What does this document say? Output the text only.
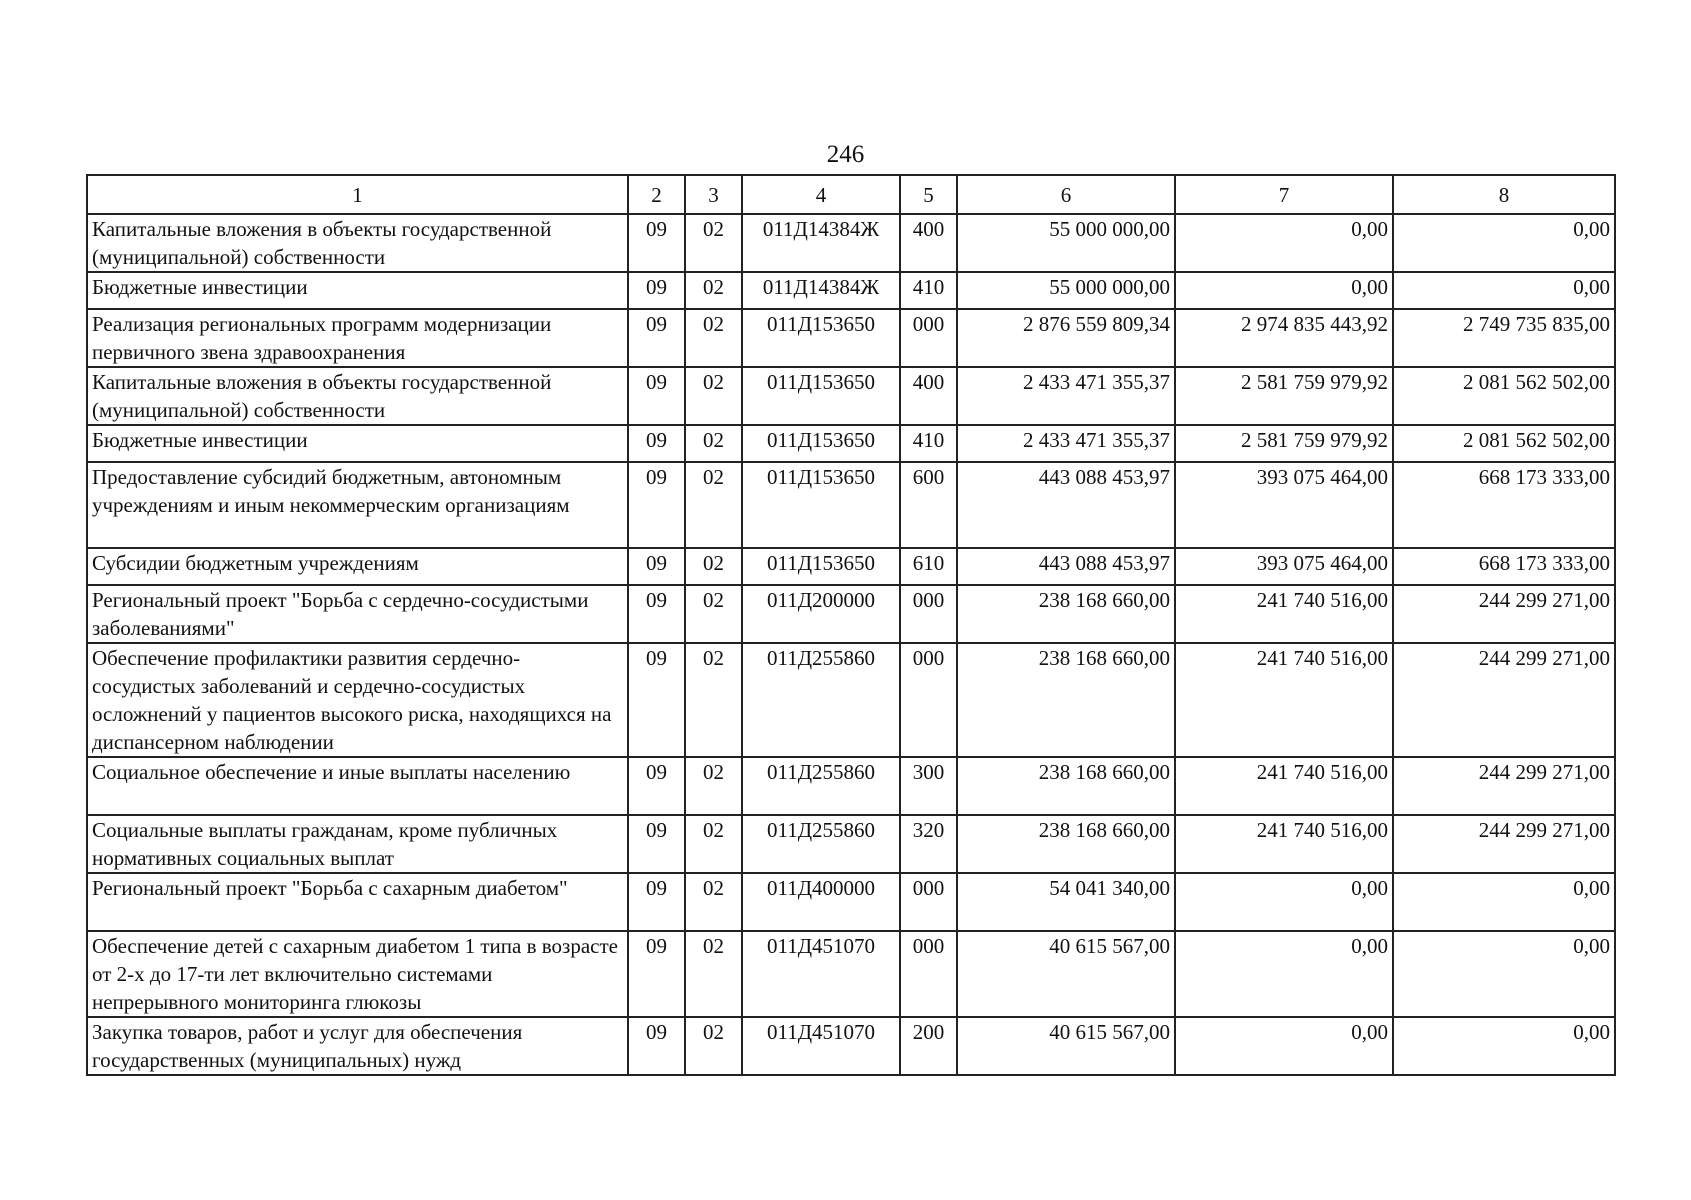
246
1	2	3	4	5	6	7	8
Капитальные вложения в объекты государственной (муниципальной) собственности	09	02	011Д14384Ж	400	55 000 000,00	0,00	0,00
Бюджетные инвестиции	09	02	011Д14384Ж	410	55 000 000,00	0,00	0,00
Реализация региональных программ модернизации первичного звена здравоохранения	09	02	011Д153650	000	2 876 559 809,34	2 974 835 443,92	2 749 735 835,00
Капитальные вложения в объекты государственной (муниципальной) собственности	09	02	011Д153650	400	2 433 471 355,37	2 581 759 979,92	2 081 562 502,00
Бюджетные инвестиции	09	02	011Д153650	410	2 433 471 355,37	2 581 759 979,92	2 081 562 502,00
Предоставление субсидий бюджетным, автономным учреждениям и иным некоммерческим организациям	09	02	011Д153650	600	443 088 453,97	393 075 464,00	668 173 333,00
Субсидии бюджетным учреждениям	09	02	011Д153650	610	443 088 453,97	393 075 464,00	668 173 333,00
Региональный проект "Борьба с сердечно-сосудистыми заболеваниями"	09	02	011Д200000	000	238 168 660,00	241 740 516,00	244 299 271,00
Обеспечение профилактики развития сердечно-сосудистых заболеваний и сердечно-сосудистых осложнений у пациентов высокого риска, находящихся на диспансерном наблюдении	09	02	011Д255860	000	238 168 660,00	241 740 516,00	244 299 271,00
Социальное обеспечение и иные выплаты населению	09	02	011Д255860	300	238 168 660,00	241 740 516,00	244 299 271,00
Социальные выплаты гражданам, кроме публичных нормативных социальных выплат	09	02	011Д255860	320	238 168 660,00	241 740 516,00	244 299 271,00
Региональный проект "Борьба с сахарным диабетом"	09	02	011Д400000	000	54 041 340,00	0,00	0,00
Обеспечение детей с сахарным диабетом 1 типа в возрасте от 2-х до 17-ти лет включительно системами непрерывного мониторинга глюкозы	09	02	011Д451070	000	40 615 567,00	0,00	0,00
Закупка товаров, работ и услуг для обеспечения государственных (муниципальных) нужд	09	02	011Д451070	200	40 615 567,00	0,00	0,00
